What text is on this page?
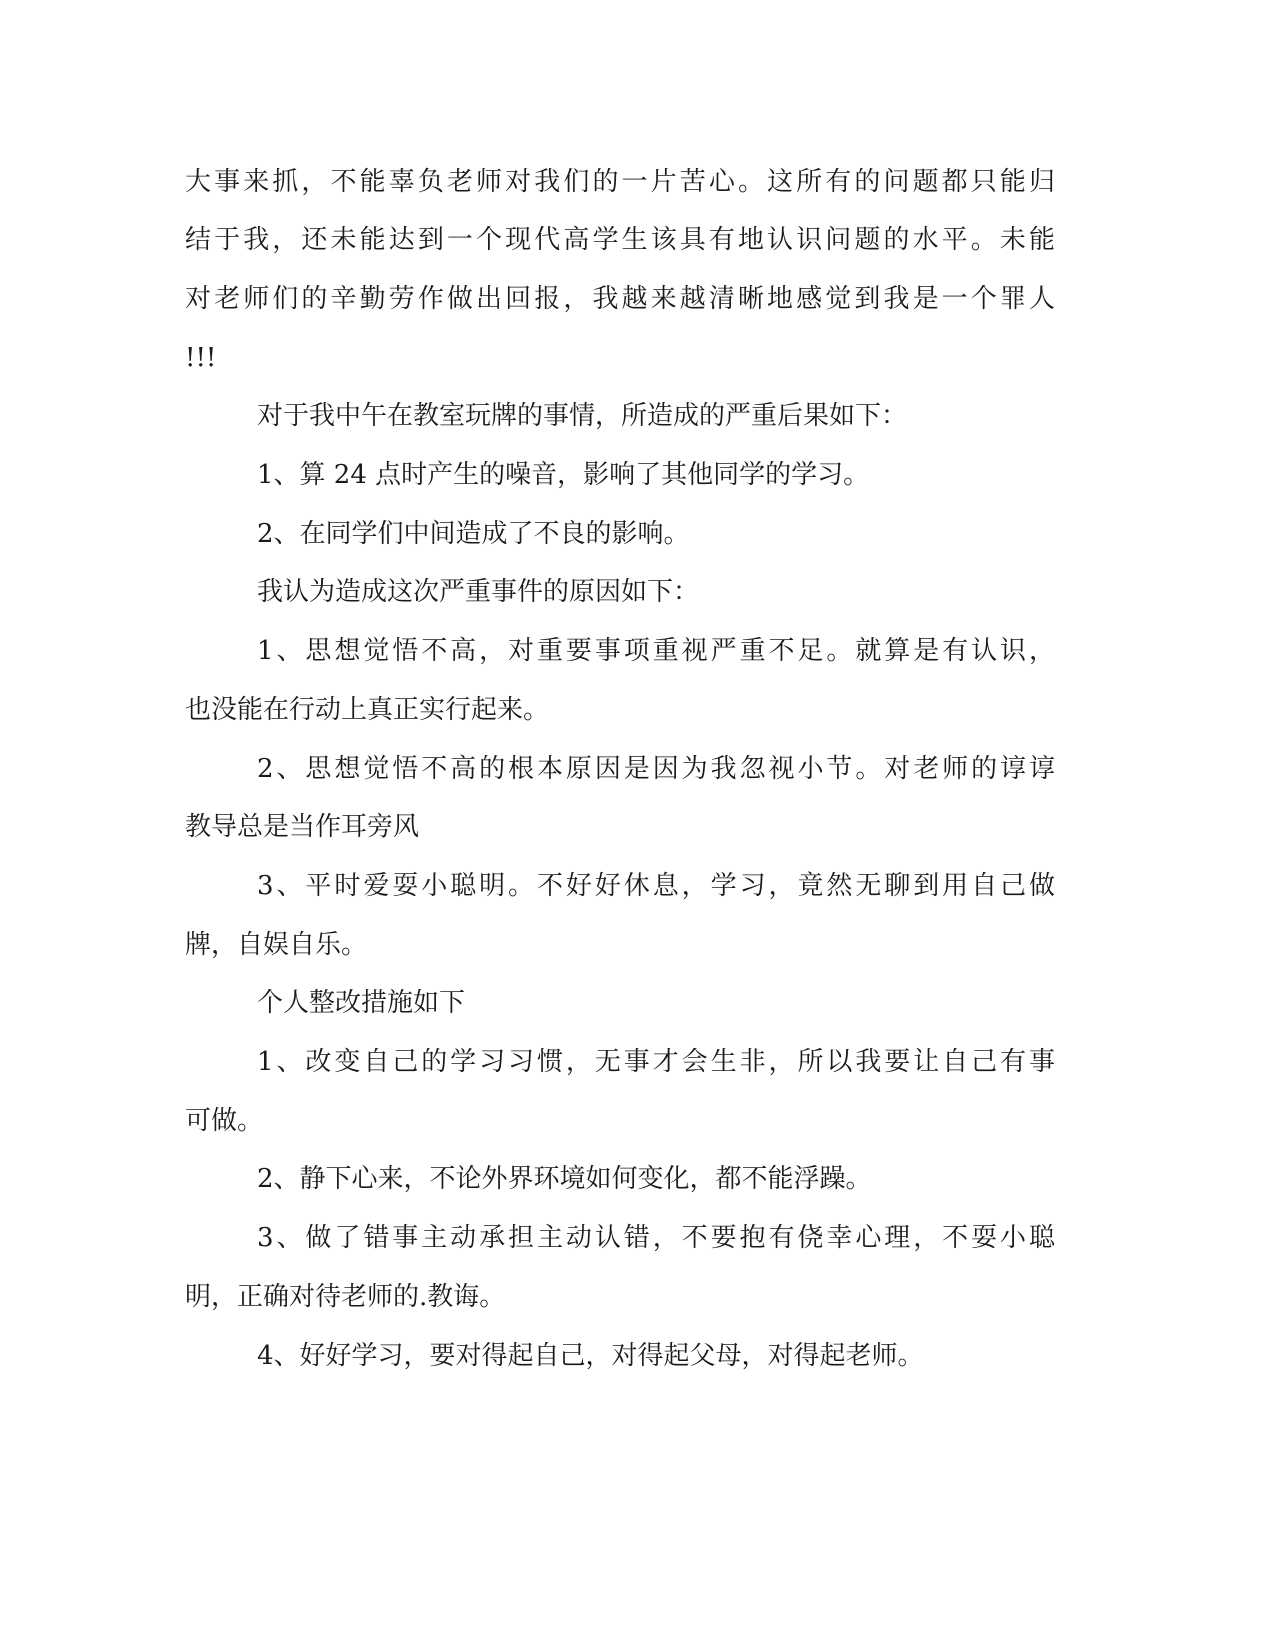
大事来抓，不能辜负老师对我们的一片苦心。这所有的问题都只能归
结于我，还未能达到一个现代高学生该具有地认识问题的水平。未能
对老师们的辛勤劳作做出回报，我越来越清晰地感觉到我是一个罪人
!!!
对于我中午在教室玩牌的事情，所造成的严重后果如下：
1、算 24 点时产生的噪音，影响了其他同学的学习。
2、在同学们中间造成了不良的影响。
我认为造成这次严重事件的原因如下：
1、思想觉悟不高，对重要事项重视严重不足。就算是有认识，
也没能在行动上真正实行起来。
2、思想觉悟不高的根本原因是因为我忽视小节。对老师的谆谆
教导总是当作耳旁风
3、平时爱耍小聪明。不好好休息，学习，竟然无聊到用自己做
牌，自娱自乐。
个人整改措施如下
1、改变自己的学习习惯，无事才会生非，所以我要让自己有事
可做。
2、静下心来，不论外界环境如何变化，都不能浮躁。
3、做了错事主动承担主动认错，不要抱有侥幸心理，不耍小聪
明，正确对待老师的.教诲。
4、好好学习，要对得起自己，对得起父母，对得起老师。
